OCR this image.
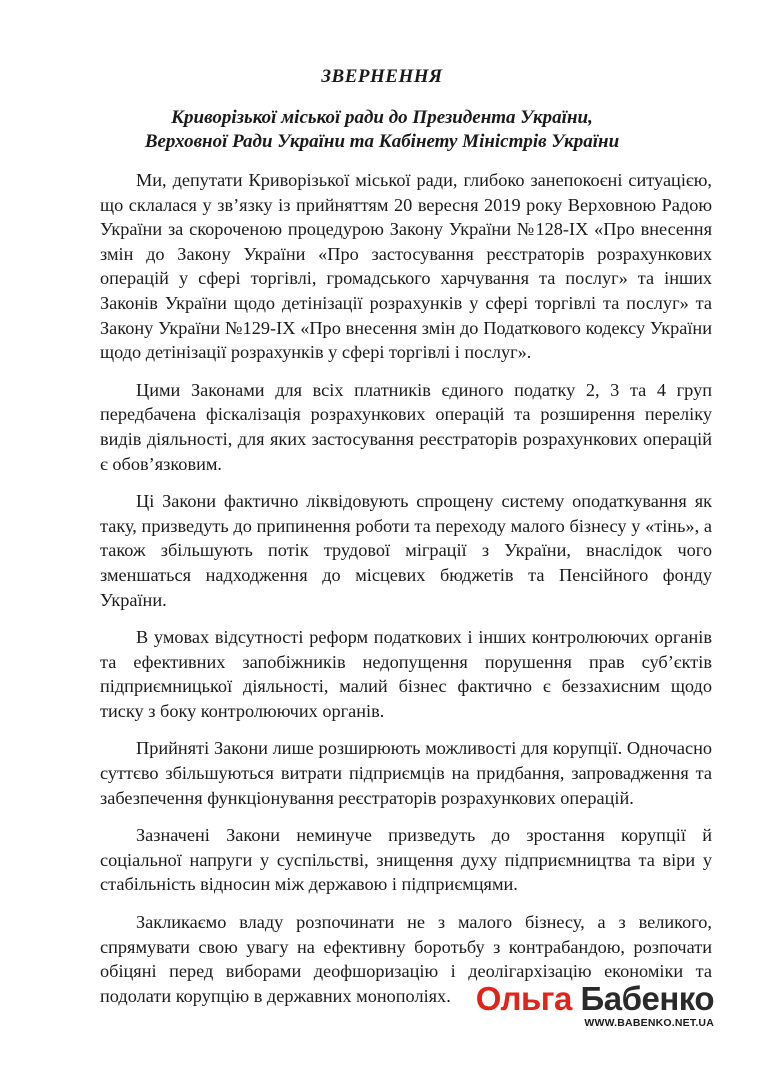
ЗВЕРНЕННЯ
Криворізької міської ради до Президента України,
Верховної Ради України та Кабінету Міністрів України

Ми, депутати Криворізької міської ради, глибоко занепокоєні ситуацією, що склалася у зв’язку із прийняттям 20 вересня 2019 року Верховною Радою України за скороченою процедурою Закону України №128-IX «Про внесення змін до Закону України «Про застосування реєстраторів розрахункових операцій у сфері торгівлі, громадського харчування та послуг» та інших Законів України щодо детінізації розрахунків у сфері торгівлі та послуг» та Закону України №129-IX «Про внесення змін до Податкового кодексу України щодо детінізації розрахунків у сфері торгівлі і послуг».

Цими Законами для всіх платників єдиного податку 2, 3 та 4 груп передбачена фіскалізація розрахункових операцій та розширення переліку видів діяльності, для яких застосування реєстраторів розрахункових операцій є обов’язковим.

Ці Закони фактично ліквідовують спрощену систему оподаткування як таку, призведуть до припинення роботи та переходу малого бізнесу у «тінь», а також збільшують потік трудової міграції з України, внаслідок чого зменшаться надходження до місцевих бюджетів та Пенсійного фонду України.

В умовах відсутності реформ податкових і інших контролюючих органів та ефективних запобіжників недопущення порушення прав суб’єктів підприємницької діяльності, малий бізнес фактично є беззахисним щодо тиску з боку контролюючих органів.

Прийняті Закони лише розширюють можливості для корупції. Одночасно суттєво збільшуються витрати підприємців на придбання, запровадження та забезпечення функціонування реєстраторів розрахункових операцій.

Зазначені Закони неминуче призведуть до зростання корупції й соціальної напруги у суспільстві, знищення духу підприємництва та віри у стабільність відносин між державою і підприємцями.

Закликаємо владу розпочинати не з малого бізнесу, а з великого, спрямувати свою увагу на ефективну боротьбу з контрабандою, розпочати обіцяні перед виборами деофшоризацію і деолігархізацію економіки та подолати корупцію в державних монополіях. Ольга Бабенко
WWW.BABENKO.NET.UA
